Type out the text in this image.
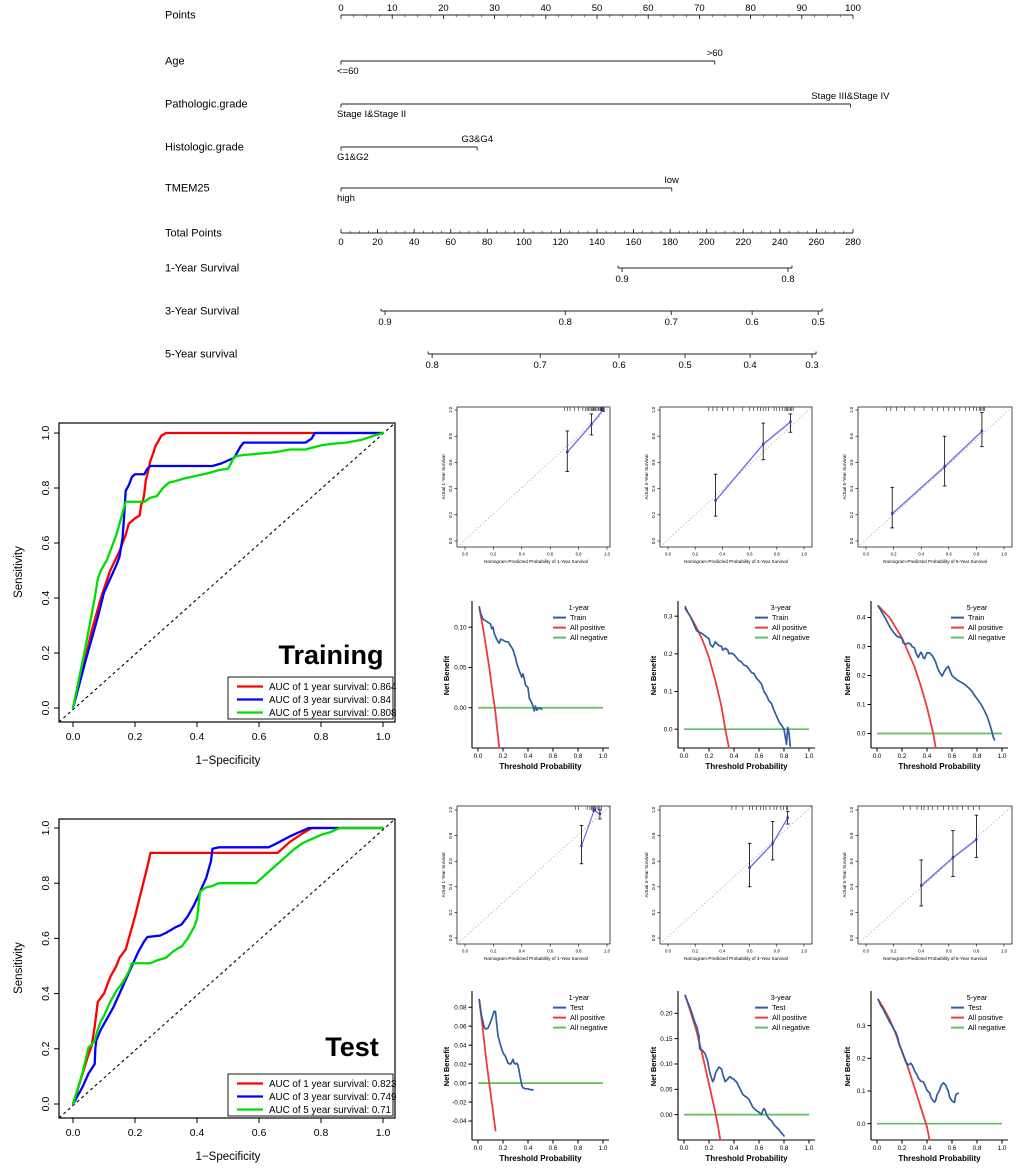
Points
0	10	20	30	40	50	60	70	80	90	100
Age
<=60
>60
Pathologic.grade
Stage I&Stage II
Stage III&Stage IV
Histologic.grade
G1&G2
G3&G4
TMEM25
high
low
Total Points
0	20	40	60	80 100 120 140 160 180 200 220 240 260 280
1-Year Survival
0.9	0.8
3-Year Survival
0.9	0.8	0.7	0.6	0.5
5-Year survival
0.8	0.7	0.6	0.5	0.4	0.3
0.0	0.2	0.4	0.6	0.8	1.0
0.0
0.2
0.4
0.6
0.8
1.0
1−Specificity
Sensitivity
Training
AUC of 1 year survival: 0.864
AUC of 3 year survival: 0.84
AUC of 5 year survival: 0.808
0.0	0.2	0.4	0.6	0.8	1.0
0.0
0.2
0.4
0.6
0.8
1.0
1−Specificity
Sensitivity
Test
AUC of 1 year survival: 0.823
AUC of 3 year survival: 0.749
AUC of 5 year survival: 0.71
0.0
0.0
0.2
0.2
0.4
0.4
0.6
0.6
0.8
0.8
1.0
1.0
Nomogram-Predicted Probability of 1-Year Survival
Actual 1-Year Survival
0.0
0.0
0.2
0.2
0.4
0.4
0.6
0.6
0.8
0.8
1.0
1.0
Nomogram-Predicted Probability of 3-Year Survival
Actual 3-Year Survival
0.0
0.0
0.2
0.2
0.4
0.4
0.6
0.6
0.8
0.8
1.0
1.0
Nomogram-Predicted Probability of 5-Year Survival
Actual 5-Year Survival
0.0
0.0
0.2
0.2
0.4
0.4
0.6
0.6
0.8
0.8
1.0
1.0
Nomogram-Predicted Probability of 1-Year Survival
Actual 1-Year Survival
0.0
0.0
0.2
0.2
0.4
0.4
0.6
0.6
0.8
0.8
1.0
1.0
Nomogram-Predicted Probability of 3-Year Survival
Actual 3-Year Survival
0.0
0.0
0.2
0.2
0.4
0.4
0.6
0.6
0.8
0.8
1.0
1.0
Nomogram-Predicted Probability of 5-Year Survival
Actual 5-Year Survival
0.00
0.05
0.10
0.0	0.2	0.4	0.6	0.8	1.0
Threshold Probability
Net Benefit
1-year
Train
All positive
All negative
0.0
0.1
0.2
0.3
0.0	0.2	0.4	0.6	0.8	1.0
Threshold Probability
Net Benefit
3-year
Train
All positive
All negative
0.0
0.1
0.2
0.3
0.4
0.0	0.2	0.4	0.6	0.8	1.0
Threshold Probability
Net Benefit
5-year
Train
All positive
All negative
-0.04
-0.02
0.00
0.02
0.04
0.06
0.08
0.0	0.2	0.4	0.6	0.8	1.0
Threshold Probability
Net Benefit
1-year
Test
All positive
All negative
0.00
0.05
0.10
0.15
0.20
0.0	0.2	0.4	0.6	0.8	1.0
Threshold Probability
Net Benefit
3-year
Test
All positive
All negative
0.0
0.1
0.2
0.3
0.0	0.2	0.4	0.6	0.8	1.0
Threshold Probability
Net Benefit
5-year
Test
All positive
All negative
